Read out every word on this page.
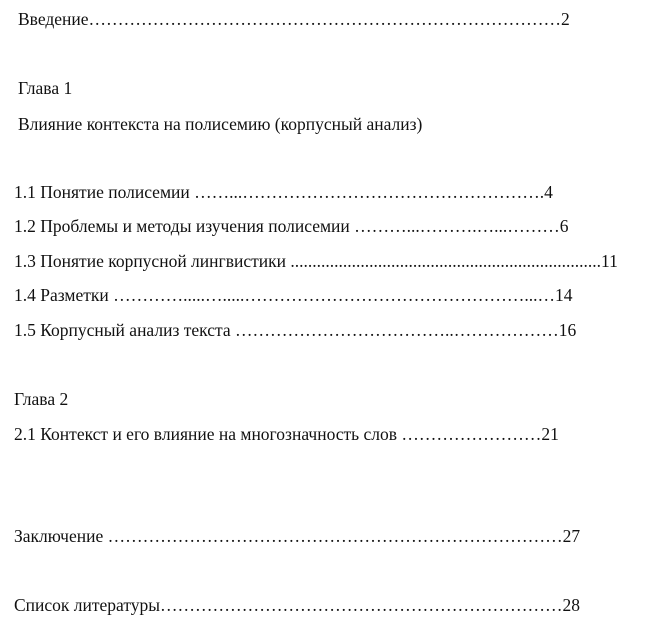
Введение………………………………………………………………………2
Глава 1
Влияние контекста на полисемию (корпусный анализ)
1.1 Понятие полисемии ……...…………………………………………….4
1.2 Проблемы и методы изучения полисемии ………...……….…...………6
1.3 Понятие корпусной лингвистики .......................................................................11
1.4 Разметки ………….....….....…………………………………………...…14
1.5 Корпусный анализ текста ………………………………..………………16
Глава 2
2.1 Контекст и его влияние на многозначность слов ……………………21
Заключение ……………………………………………………………………27
Список литературы……………………………………………………………28
